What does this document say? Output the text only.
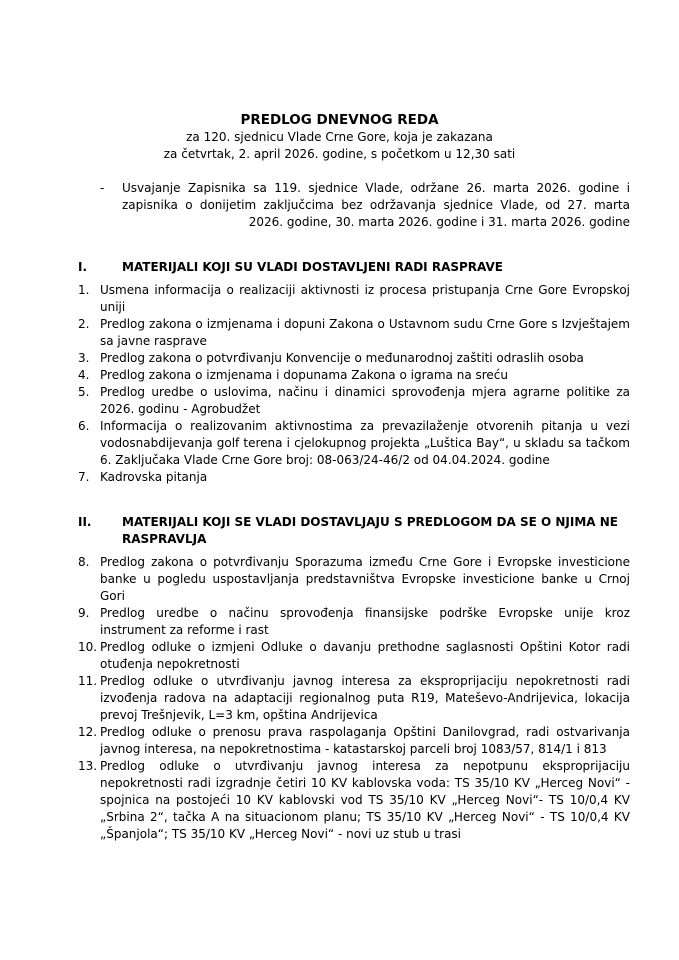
PREDLOG DNEVNOG REDA
za 120. sjednicu Vlade Crne Gore, koja je zakazana
za četvrtak, 2. april 2026. godine, s početkom u 12,30 sati
-	Usvajanje Zapisnika sa 119. sjednice Vlade, održane 26. marta 2026. godine i zapisnika o donijetim zaključcima bez održavanja sjednice Vlade, od 27. marta 2026. godine, 30. marta 2026. godine i 31. marta 2026. godine
I.	MATERIJALI KOJI SU VLADI DOSTAVLJENI RADI RASPRAVE
1. Usmena informacija o realizaciji aktivnosti iz procesa pristupanja Crne Gore Evropskoj uniji
2. Predlog zakona o izmjenama i dopuni Zakona o Ustavnom sudu Crne Gore s Izvještajem sa javne rasprave
3. Predlog zakona o potvrđivanju Konvencije o međunarodnoj zaštiti odraslih osoba
4. Predlog zakona o izmjenama i dopunama Zakona o igrama na sreću
5. Predlog uredbe o uslovima, načinu i dinamici sprovođenja mjera agrarne politike za 2026. godinu - Agrobudžet
6. Informacija o realizovanim aktivnostima za prevazilaženje otvorenih pitanja u vezi vodosnabdijevanja golf terena i cjelokupnog projekta „Luštica Bay“, u skladu sa tačkom 6. Zaključaka Vlade Crne Gore broj: 08-063/24-46/2 od 04.04.2024. godine
7. Kadrovska pitanja
II.	MATERIJALI KOJI SE VLADI DOSTAVLJAJU S PREDLOGOM DA SE O NJIMA NE RASPRAVLJA
8. Predlog zakona o potvrđivanju Sporazuma između Crne Gore i Evropske investicione banke u pogledu uspostavljanja predstavništva Evropske investicione banke u Crnoj Gori
9. Predlog uredbe o načinu sprovođenja finansijske podrške Evropske unije kroz instrument za reforme i rast
10. Predlog odluke o izmjeni Odluke o davanju prethodne saglasnosti Opštini Kotor radi otuđenja nepokretnosti
11. Predlog odluke o utvrđivanju javnog interesa za eksproprijaciju nepokretnosti radi izvođenja radova na adaptaciji regionalnog puta R19, Mateševo-Andrijevica, lokacija prevoj Trešnjevik, L=3 km, opština Andrijevica
12. Predlog odluke o prenosu prava raspolaganja Opštini Danilovgrad, radi ostvarivanja javnog interesa, na nepokretnostima - katastarskoj parceli broj 1083/57, 814/1 i 813
13. Predlog odluke o utvrđivanju javnog interesa za nepotpunu eksproprijaciju nepokretnosti radi izgradnje četiri 10 KV kablovska voda: TS 35/10 KV „Herceg Novi“ - spojnica na postojeći 10 KV kablovski vod TS 35/10 KV „Herceg Novi“- TS 10/0,4 KV „Srbina 2“, tačka A na situacionom planu; TS 35/10 KV „Herceg Novi“ - TS 10/0,4 KV „Španjola“; TS 35/10 KV „Herceg Novi“ - novi uz stub u trasi
